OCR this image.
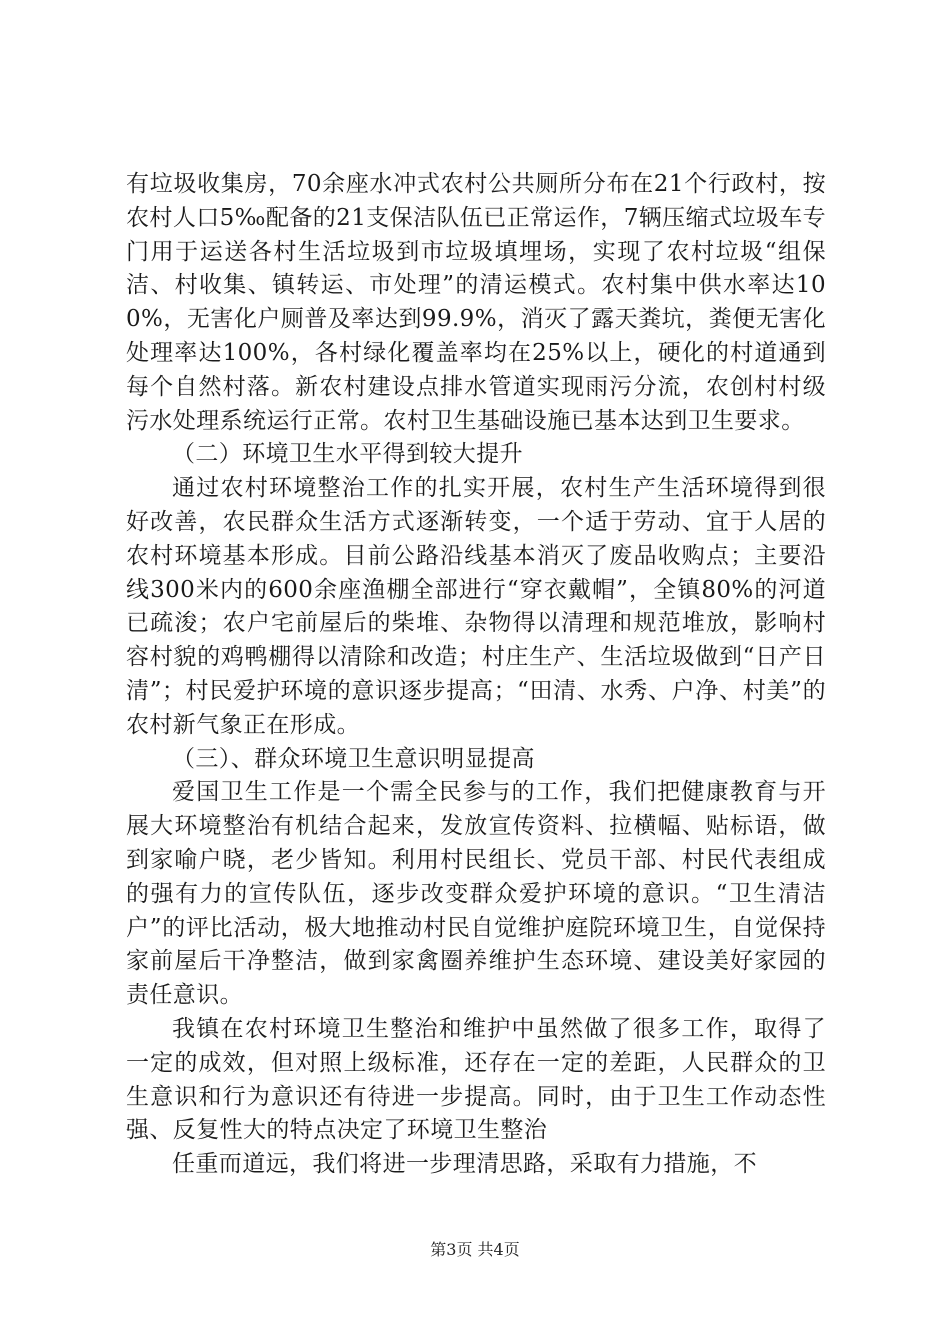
有垃圾收集房，70余座水冲式农村公共厕所分布在21个行政村，按农村人口5‰配备的21支保洁队伍已正常运作，7辆压缩式垃圾车专门用于运送各村生活垃圾到市垃圾填埋场，实现了农村垃圾“组保洁、村收集、镇转运、市处理”的清运模式。农村集中供水率达100%，无害化户厕普及率达到99.9%，消灭了露天粪坑，粪便无害化处理率达100%，各村绿化覆盖率均在25%以上，硬化的村道通到每个自然村落。新农村建设点排水管道实现雨污分流，农创村村级污水处理系统运行正常。农村卫生基础设施已基本达到卫生要求。

（二）环境卫生水平得到较大提升

通过农村环境整治工作的扎实开展，农村生产生活环境得到很好改善，农民群众生活方式逐渐转变，一个适于劳动、宜于人居的农村环境基本形成。目前公路沿线基本消灭了废品收购点；主要沿线300米内的600余座渔棚全部进行“穿衣戴帽”，全镇80%的河道已疏浚；农户宅前屋后的柴堆、杂物得以清理和规范堆放，影响村容村貌的鸡鸭棚得以清除和改造；村庄生产、生活垃圾做到“日产日清”；村民爱护环境的意识逐步提高；“田清、水秀、户净、村美”的农村新气象正在形成。

（三）、群众环境卫生意识明显提高

爱国卫生工作是一个需全民参与的工作，我们把健康教育与开展大环境整治有机结合起来，发放宣传资料、拉横幅、贴标语，做到家喻户晓，老少皆知。利用村民组长、党员干部、村民代表组成的强有力的宣传队伍，逐步改变群众爱护环境的意识。“卫生清洁户”的评比活动，极大地推动村民自觉维护庭院环境卫生，自觉保持家前屋后干净整洁，做到家禽圈养维护生态环境、建设美好家园的责任意识。

我镇在农村环境卫生整治和维护中虽然做了很多工作，取得了一定的成效，但对照上级标准，还存在一定的差距，人民群众的卫生意识和行为意识还有待进一步提高。同时，由于卫生工作动态性强、反复性大的特点决定了环境卫生整治

任重而道远，我们将进一步理清思路，采取有力措施，不

第3页 共4页
